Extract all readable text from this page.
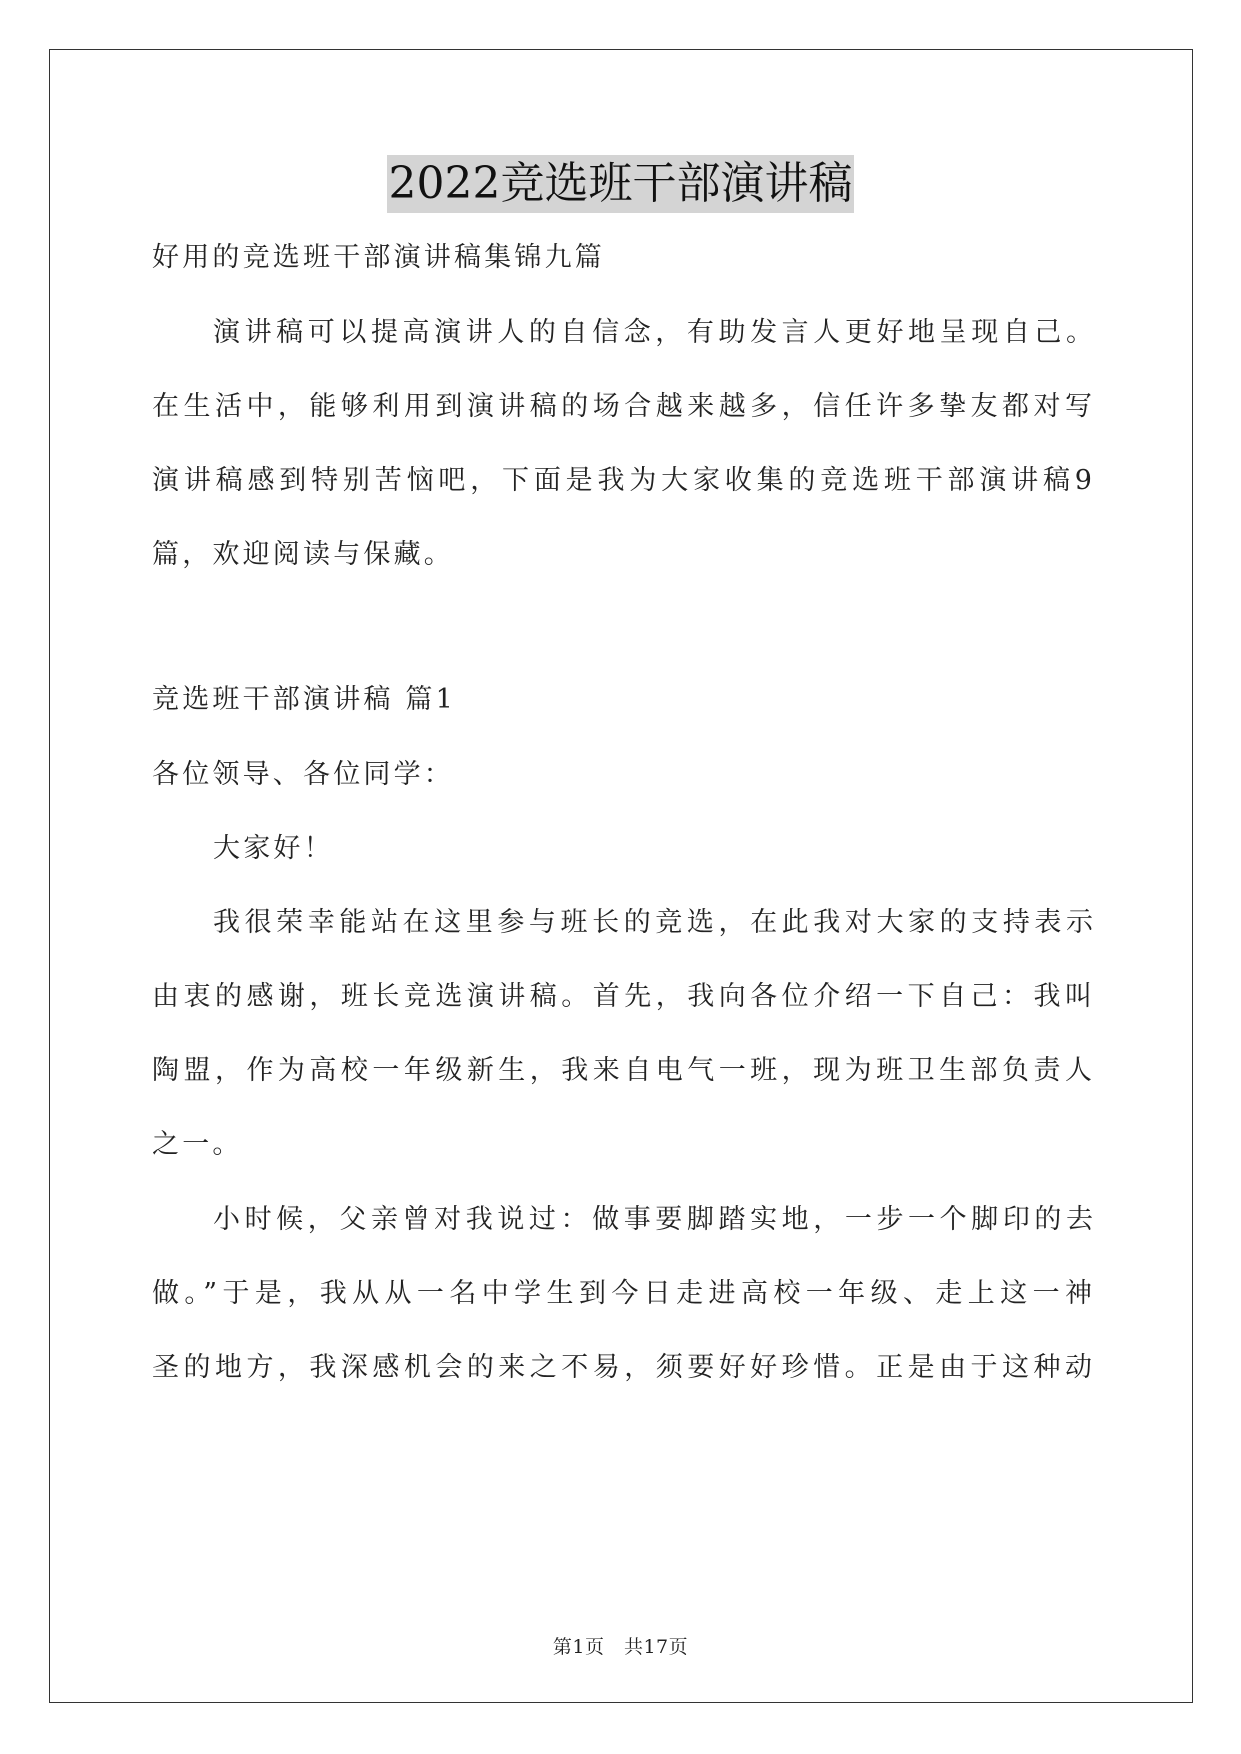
2022竞选班干部演讲稿
好用的竞选班干部演讲稿集锦九篇
演讲稿可以提高演讲人的自信念，有助发言人更好地呈现自己。
在生活中，能够利用到演讲稿的场合越来越多，信任许多挚友都对写
演讲稿感到特别苦恼吧，下面是我为大家收集的竞选班干部演讲稿9
篇，欢迎阅读与保藏。
竞选班干部演讲稿 篇1
各位领导、各位同学：
大家好！
我很荣幸能站在这里参与班长的竞选，在此我对大家的支持表示
由衷的感谢，班长竞选演讲稿。首先，我向各位介绍一下自己：我叫
陶盟，作为高校一年级新生，我来自电气一班，现为班卫生部负责人
之一。
小时候，父亲曾对我说过：做事要脚踏实地，一步一个脚印的去
做。”于是，我从从一名中学生到今日走进高校一年级、走上这一神
圣的地方，我深感机会的来之不易，须要好好珍惜。正是由于这种动
第1页　共17页
